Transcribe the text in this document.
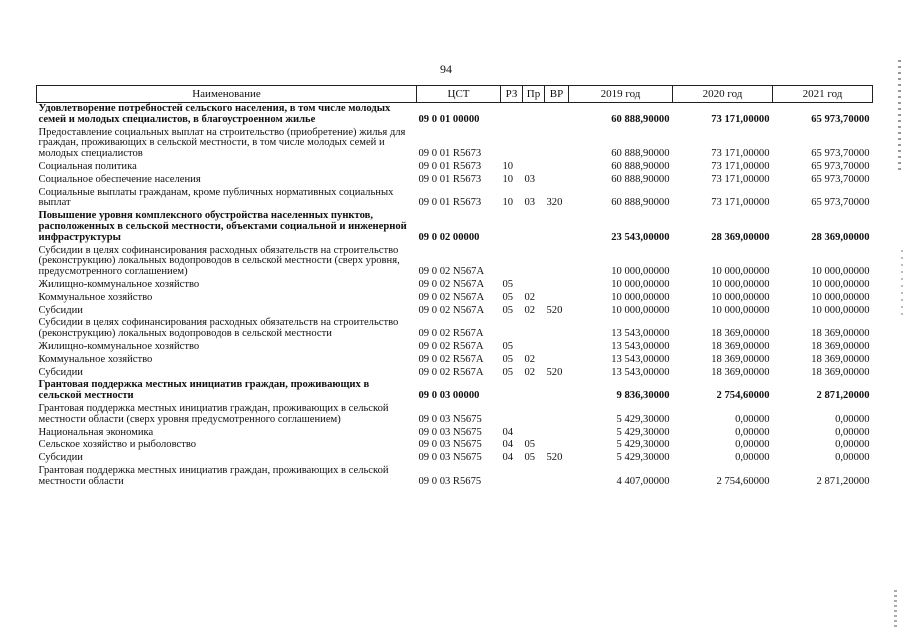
94
Наименование	ЦСТ	РЗ	Пр	ВР	2019 год	2020 год	2021 год
Удовлетворение потребностей сельского населения, в том числе молодых семей и молодых специалистов, в благоустроенном жилье	09 0 01 00000				60 888,90000	73 171,00000	65 973,70000
Предоставление социальных выплат на строительство (приобретение) жилья для граждан, проживающих в сельской местности, в том числе молодых семей и молодых специалистов	09 0 01 R5673				60 888,90000	73 171,00000	65 973,70000
Социальная политика	09 0 01 R5673	10			60 888,90000	73 171,00000	65 973,70000
Социальное обеспечение населения	09 0 01 R5673	10	03		60 888,90000	73 171,00000	65 973,70000
Социальные выплаты гражданам, кроме публичных нормативных социальных выплат	09 0 01 R5673	10	03	320	60 888,90000	73 171,00000	65 973,70000
Повышение уровня комплексного обустройства населенных пунктов, расположенных в сельской местности, объектами социальной и инженерной инфраструктуры	09 0 02 00000				23 543,00000	28 369,00000	28 369,00000
Субсидии в целях софинансирования расходных обязательств на строительство (реконструкцию) локальных водопроводов в сельской местности (сверх уровня, предусмотренного соглашением)	09 0 02 N567A				10 000,00000	10 000,00000	10 000,00000
Жилищно-коммунальное хозяйство	09 0 02 N567A	05			10 000,00000	10 000,00000	10 000,00000
Коммунальное хозяйство	09 0 02 N567A	05	02		10 000,00000	10 000,00000	10 000,00000
Субсидии	09 0 02 N567A	05	02	520	10 000,00000	10 000,00000	10 000,00000
Субсидии в целях софинансирования расходных обязательств на строительство (реконструкцию) локальных водопроводов в сельской местности	09 0 02 R567A				13 543,00000	18 369,00000	18 369,00000
Жилищно-коммунальное хозяйство	09 0 02 R567A	05			13 543,00000	18 369,00000	18 369,00000
Коммунальное хозяйство	09 0 02 R567A	05	02		13 543,00000	18 369,00000	18 369,00000
Субсидии	09 0 02 R567A	05	02	520	13 543,00000	18 369,00000	18 369,00000
Грантовая поддержка местных инициатив граждан, проживающих в сельской местности	09 0 03 00000				9 836,30000	2 754,60000	2 871,20000
Грантовая поддержка местных инициатив граждан, проживающих в сельской местности области (сверх уровня предусмотренного соглашением)	09 0 03 N5675				5 429,30000	0,00000	0,00000
Национальная экономика	09 0 03 N5675	04			5 429,30000	0,00000	0,00000
Сельское хозяйство и рыболовство	09 0 03 N5675	04	05		5 429,30000	0,00000	0,00000
Субсидии	09 0 03 N5675	04	05	520	5 429,30000	0,00000	0,00000
Грантовая поддержка местных инициатив граждан, проживающих в сельской местности области	09 0 03 R5675				4 407,00000	2 754,60000	2 871,20000
